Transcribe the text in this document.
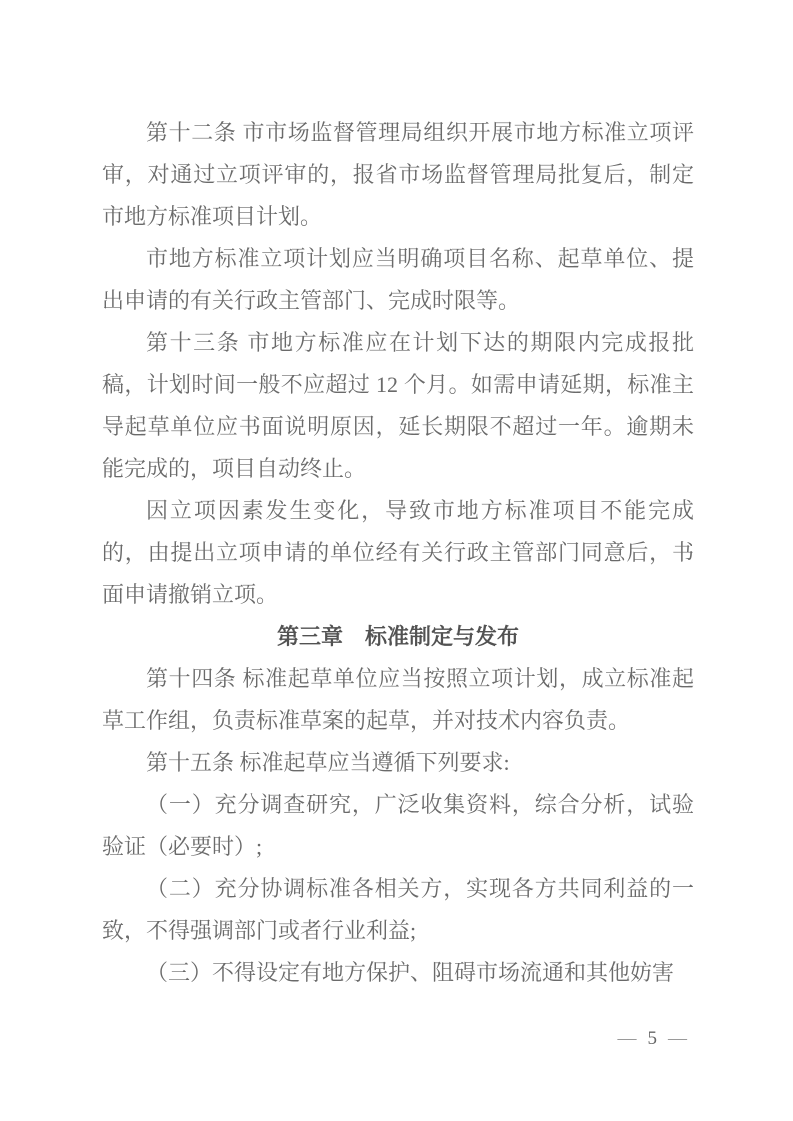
第十二条 市市场监督管理局组织开展市地方标准立项评审，对通过立项评审的，报省市场监督管理局批复后，制定市地方标准项目计划。

市地方标准立项计划应当明确项目名称、起草单位、提出申请的有关行政主管部门、完成时限等。

第十三条 市地方标准应在计划下达的期限内完成报批稿，计划时间一般不应超过 12 个月。如需申请延期，标准主导起草单位应书面说明原因，延长期限不超过一年。逾期未能完成的，项目自动终止。

因立项因素发生变化，导致市地方标准项目不能完成的，由提出立项申请的单位经有关行政主管部门同意后，书面申请撤销立项。

第三章　标准制定与发布

第十四条 标准起草单位应当按照立项计划，成立标准起草工作组，负责标准草案的起草，并对技术内容负责。

第十五条 标准起草应当遵循下列要求:

（一）充分调查研究，广泛收集资料，综合分析，试验验证（必要时）;

（二）充分协调标准各相关方，实现各方共同利益的一致，不得强调部门或者行业利益;

（三）不得设定有地方保护、阻碍市场流通和其他妨害

— 5 —
